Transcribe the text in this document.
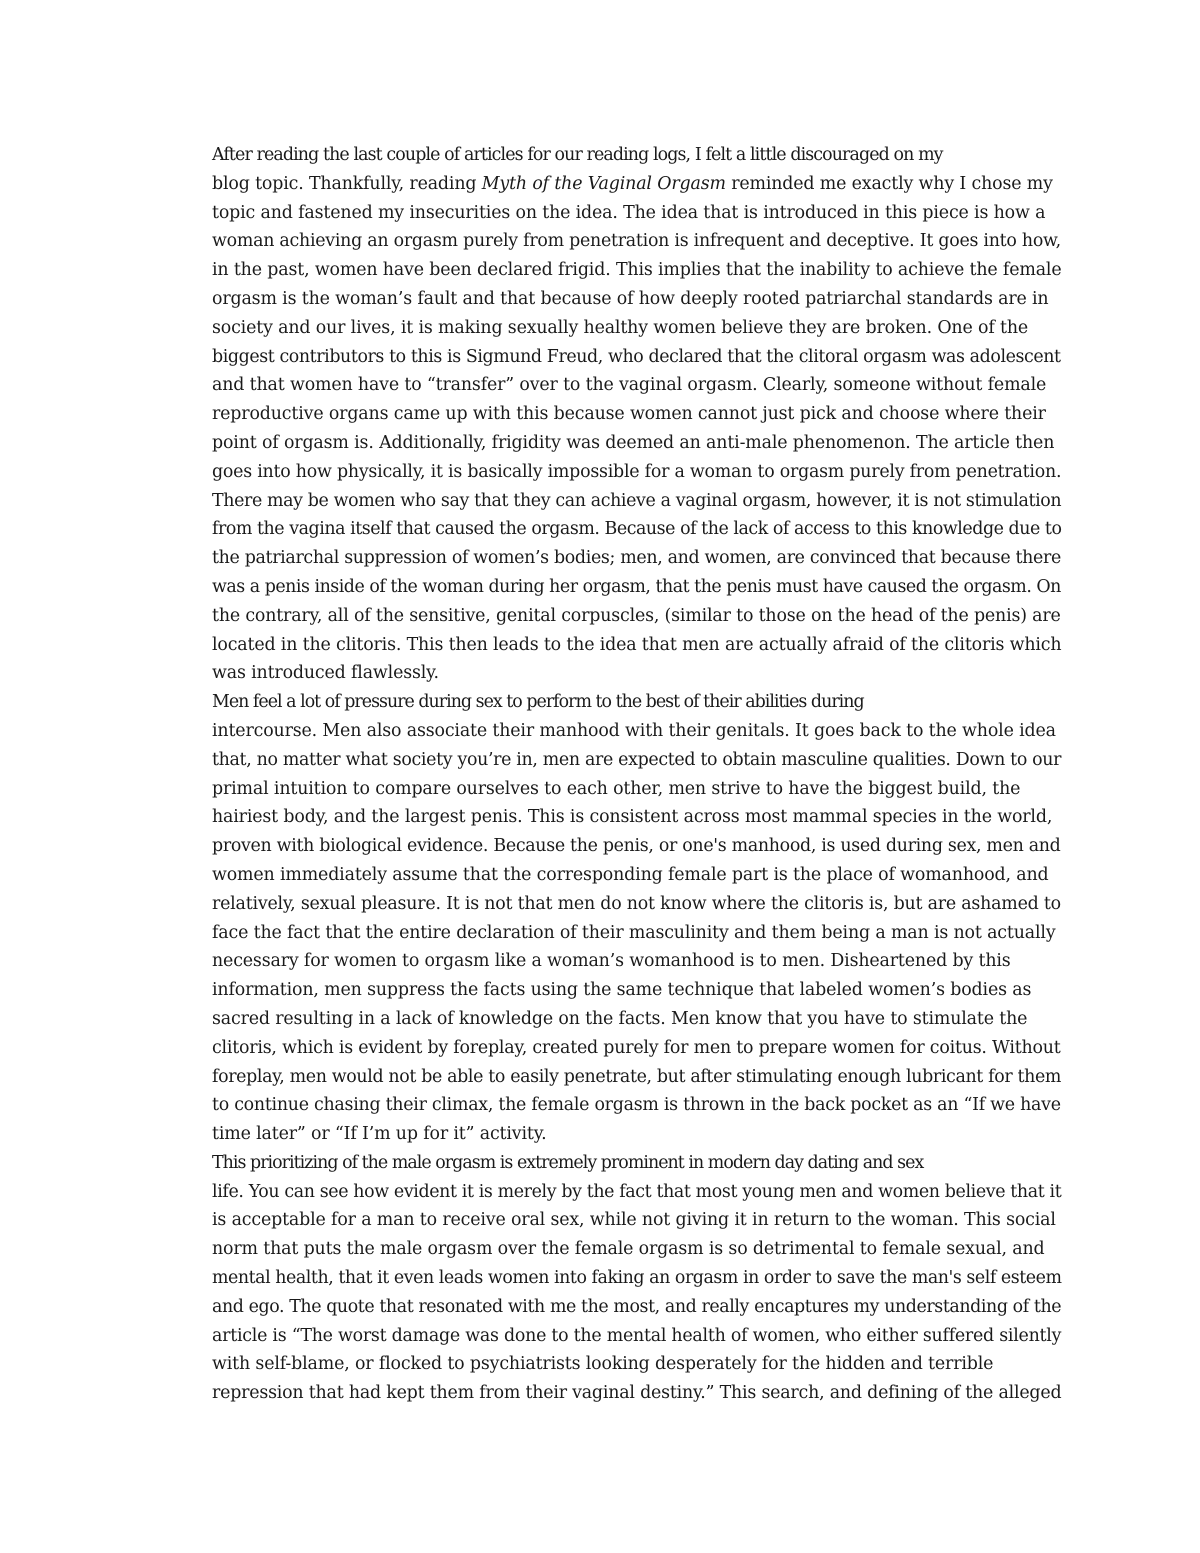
After reading the last couple of articles for our reading logs, I felt a little discouraged on my
blog topic. Thankfully, reading Myth of the Vaginal Orgasm reminded me exactly why I chose my
topic and fastened my insecurities on the idea. The idea that is introduced in this piece is how a
woman achieving an orgasm purely from penetration is infrequent and deceptive. It goes into how,
in the past, women have been declared frigid. This implies that the inability to achieve the female
orgasm is the woman’s fault and that because of how deeply rooted patriarchal standards are in
society and our lives, it is making sexually healthy women believe they are broken. One of the
biggest contributors to this is Sigmund Freud, who declared that the clitoral orgasm was adolescent
and that women have to “transfer” over to the vaginal orgasm. Clearly, someone without female
reproductive organs came up with this because women cannot just pick and choose where their
point of orgasm is. Additionally, frigidity was deemed an anti-male phenomenon. The article then
goes into how physically, it is basically impossible for a woman to orgasm purely from penetration.
There may be women who say that they can achieve a vaginal orgasm, however, it is not stimulation
from the vagina itself that caused the orgasm. Because of the lack of access to this knowledge due to
the patriarchal suppression of women’s bodies; men, and women, are convinced that because there
was a penis inside of the woman during her orgasm, that the penis must have caused the orgasm. On
the contrary, all of the sensitive, genital corpuscles, (similar to those on the head of the penis) are
located in the clitoris. This then leads to the idea that men are actually afraid of the clitoris which
was introduced flawlessly.

Men feel a lot of pressure during sex to perform to the best of their abilities during
intercourse. Men also associate their manhood with their genitals. It goes back to the whole idea
that, no matter what society you’re in, men are expected to obtain masculine qualities. Down to our
primal intuition to compare ourselves to each other, men strive to have the biggest build, the
hairiest body, and the largest penis. This is consistent across most mammal species in the world,
proven with biological evidence. Because the penis, or one's manhood, is used during sex, men and
women immediately assume that the corresponding female part is the place of womanhood, and
relatively, sexual pleasure. It is not that men do not know where the clitoris is, but are ashamed to
face the fact that the entire declaration of their masculinity and them being a man is not actually
necessary for women to orgasm like a woman’s womanhood is to men. Disheartened by this
information, men suppress the facts using the same technique that labeled women’s bodies as
sacred resulting in a lack of knowledge on the facts. Men know that you have to stimulate the
clitoris, which is evident by foreplay, created purely for men to prepare women for coitus. Without
foreplay, men would not be able to easily penetrate, but after stimulating enough lubricant for them
to continue chasing their climax, the female orgasm is thrown in the back pocket as an “If we have
time later” or “If I’m up for it” activity.

This prioritizing of the male orgasm is extremely prominent in modern day dating and sex
life. You can see how evident it is merely by the fact that most young men and women believe that it
is acceptable for a man to receive oral sex, while not giving it in return to the woman. This social
norm that puts the male orgasm over the female orgasm is so detrimental to female sexual, and
mental health, that it even leads women into faking an orgasm in order to save the man's self esteem
and ego. The quote that resonated with me the most, and really encaptures my understanding of the
article is “The worst damage was done to the mental health of women, who either suffered silently
with self-blame, or flocked to psychiatrists looking desperately for the hidden and terrible
repression that had kept them from their vaginal destiny.” This search, and defining of the alleged
